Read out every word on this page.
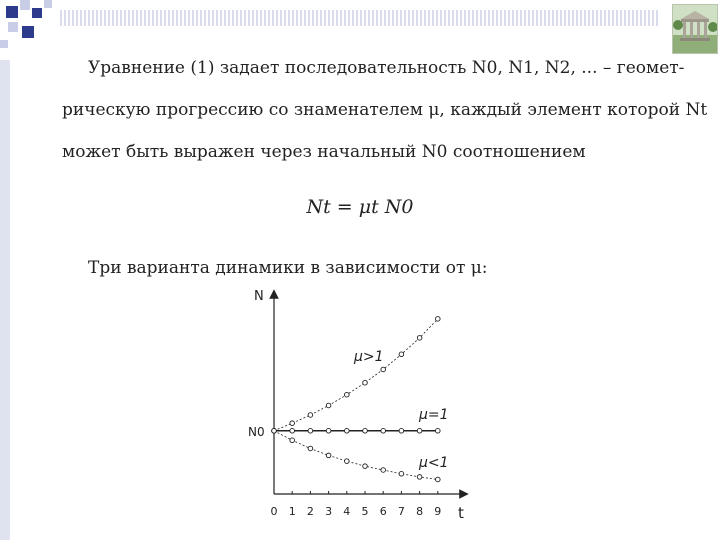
Уравнение (1) задает последовательность N0, N1, N2, ... – геомет-
рическую прогрессию со знаменателем μ, каждый элемент которой Nt
может быть выражен через начальный N0 соотношением
Nt = μt N0
Три варианта динамики в зависимости от μ:
N
t
0 1 2 3 4 5 6 7 8 9
N0
μ>1
μ=1
μ<1
